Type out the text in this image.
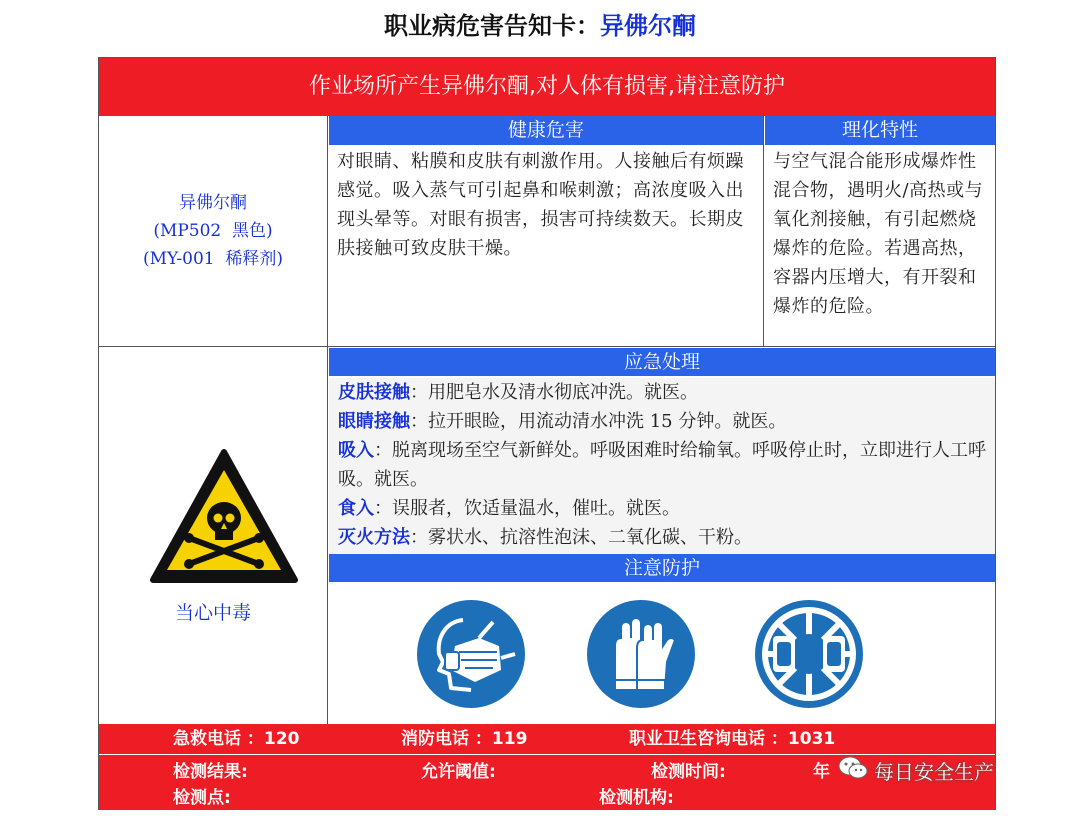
职业病危害告知卡：异佛尔酮
作业场所产生异佛尔酮,对人体有损害,请注意防护
异佛尔酮
(MP502  黑色)
(MY-001  稀释剂)
健康危害
对眼睛、粘膜和皮肤有刺激作用。人接触后有烦躁感觉。吸入蒸气可引起鼻和喉刺激；高浓度吸入出现头晕等。对眼有损害，损害可持续数天。长期皮肤接触可致皮肤干燥。
理化特性
与空气混合能形成爆炸性混合物，遇明火/高热或与氧化剂接触，有引起燃烧爆炸的危险。若遇高热，容器内压增大，有开裂和爆炸的危险。
当心中毒
应急处理
皮肤接触：用肥皂水及清水彻底冲洗。就医。
眼睛接触：拉开眼睑，用流动清水冲洗 15 分钟。就医。
吸入：脱离现场至空气新鲜处。呼吸困难时给输氧。呼吸停止时，立即进行人工呼吸。就医。
食入：误服者，饮适量温水，催吐。就医。
灭火方法：雾状水、抗溶性泡沫、二氧化碳、干粉。
注意防护
急救电话 ：120	消防电话 ：119	职业卫生咨询电话 ：1031
检测结果:	允许阈值:	检测时间:	年
检测点:	检测机构:
每日安全生产
